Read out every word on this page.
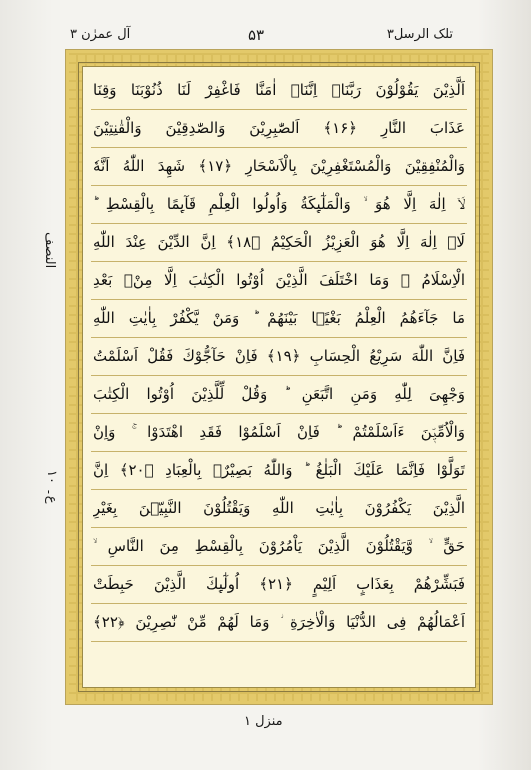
تلک الرسل۳
۵۳
آل عمرٰن ۳
النصف
ع۔ ۱۰
اَلَّذِیْنَ یَقُوْلُوْنَ رَبَّنَاۤ اِنَّنَاۤ اٰمَنَّا فَاغْفِرْ لَنَا ذُنُوْبَنَا وَقِنَا
عَذَابَ النَّارِ ﴿۱۶﴾ اَلصّٰبِرِیْنَ وَالصّٰدِقِیْنَ وَالْقٰنِتِیْنَ
وَالْمُنْفِقِیْنَ وَالْمُسْتَغْفِرِیْنَ بِالْاَسْحَارِ ﴿۱۷﴾ شَهِدَ اللّٰهُ اَنَّهٗ
لَاۤ اِلٰهَ اِلَّا هُوَ ۙ وَالْمَلٰٓىِٕكَةُ وَاُولُوا الْعِلْمِ قَآىِٕمًا بِالْقِسْطِ ؕ
لَاۤ اِلٰهَ اِلَّا هُوَ الْعَزِیْزُ الْحَكِیْمُ ﴿۱۸﴾ اِنَّ الدِّیْنَ عِنْدَ اللّٰهِ
الْاِسْلَامُ ۫ وَمَا اخْتَلَفَ الَّذِیْنَ اُوْتُوا الْكِتٰبَ اِلَّا مِنْۢ بَعْدِ
مَا جَآءَهُمُ الْعِلْمُ بَغْیًۢا بَیْنَهُمْ ؕ وَمَنْ یَّكْفُرْ بِاٰیٰتِ اللّٰهِ
فَاِنَّ اللّٰهَ سَرِیْعُ الْحِسَابِ ﴿۱۹﴾ فَاِنْ حَآجُّوْكَ فَقُلْ اَسْلَمْتُ
وَجْهِیَ لِلّٰهِ وَمَنِ اتَّبَعَنِ ؕ وَقُلْ لِّلَّذِیْنَ اُوْتُوا الْكِتٰبَ
وَالْاُمِّیّٖنَ ءَاَسْلَمْتُمْ ؕ فَاِنْ اَسْلَمُوْا فَقَدِ اهْتَدَوْا ۚ وَاِنْ
تَوَلَّوْا فَاِنَّمَا عَلَیْكَ الْبَلٰغُ ؕ وَاللّٰهُ بَصِیْرٌۢ بِالْعِبَادِ ﴿۲۰﴾ اِنَّ
الَّذِیْنَ یَكْفُرُوْنَ بِاٰیٰتِ اللّٰهِ وَیَقْتُلُوْنَ النَّبِیّٖنَ بِغَیْرِ
حَقٍّ ۙ وَّیَقْتُلُوْنَ الَّذِیْنَ یَاْمُرُوْنَ بِالْقِسْطِ مِنَ النَّاسِ ۙ
فَبَشِّرْهُمْ بِعَذَابٍ اَلِیْمٍ ﴿۲۱﴾ اُولٰٓىِٕكَ الَّذِیْنَ حَبِطَتْ
اَعْمَالُهُمْ فِی الدُّنْیَا وَالْاٰخِرَةِ ؗ وَمَا لَهُمْ مِّنْ نّٰصِرِیْنَ ﴿۲۲﴾
منزل ۱
